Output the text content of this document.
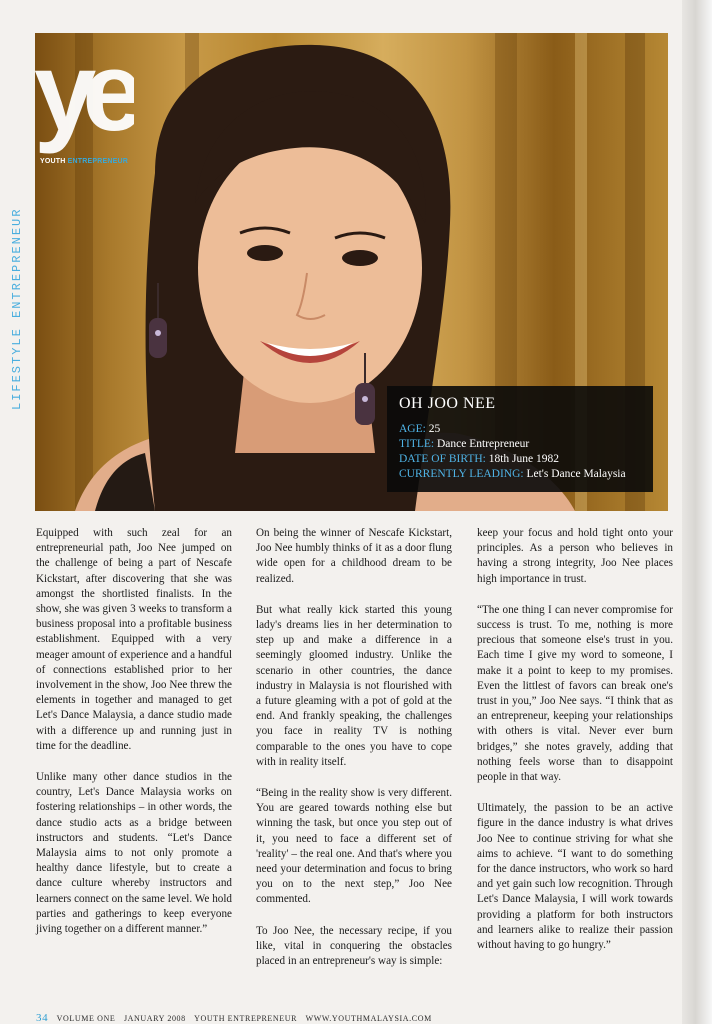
ye
YOUTH ENTREPRENEUR
LIFESTYLE ENTREPRENEUR	OH JOO NEE
AGE: 25
TITLE: Dance Entrepreneur
DATE OF BIRTH: 18th June 1982
CURRENTLY LEADING: Let's Dance Malaysia

Equipped with such zeal for an entrepreneurial path, Joo Nee jumped on the challenge of being a part of Nescafe Kickstart, after discovering that she was amongst the shortlisted finalists. In the show, she was given 3 weeks to transform a business proposal into a profitable business establishment. Equipped with a very meager amount of experience and a handful of connections established prior to her involvement in the show, Joo Nee threw the elements in together and managed to get Let's Dance Malaysia, a dance studio made with a difference up and running just in time for the deadline.

Unlike many other dance studios in the country, Let's Dance Malaysia works on fostering relationships – in other words, the dance studio acts as a bridge between instructors and students. “Let's Dance Malaysia aims to not only promote a healthy dance lifestyle, but to create a dance culture whereby instructors and learners connect on the same level. We hold parties and gatherings to keep everyone jiving together on a different manner.”

On being the winner of Nescafe Kickstart, Joo Nee humbly thinks of it as a door flung wide open for a childhood dream to be realized.

But what really kick started this young lady's dreams lies in her determination to step up and make a difference in a seemingly gloomed industry. Unlike the scenario in other countries, the dance industry in Malaysia is not flourished with a future gleaming with a pot of gold at the end. And frankly speaking, the challenges you face in reality TV is nothing comparable to the ones you have to cope with in reality itself.

“Being in the reality show is very different. You are geared towards nothing else but winning the task, but once you step out of it, you need to face a different set of 'reality' – the real one. And that's where you need your determination and focus to bring you on to the next step,” Joo Nee commented.

To Joo Nee, the necessary recipe, if you like, vital in conquering the obstacles placed in an entrepreneur's way is simple:

keep your focus and hold tight onto your principles. As a person who believes in having a strong integrity, Joo Nee places high importance in trust.

“The one thing I can never compromise for success is trust. To me, nothing is more precious that someone else's trust in you. Each time I give my word to someone, I make it a point to keep to my promises. Even the littlest of favors can break one's trust in you,” Joo Nee says. “I think that as an entrepreneur, keeping your relationships with others is vital. Never ever burn bridges,” she notes gravely, adding that nothing feels worse than to disappoint people in that way.

Ultimately, the passion to be an active figure in the dance industry is what drives Joo Nee to continue striving for what she aims to achieve. “I want to do something for the dance instructors, who work so hard and yet gain such low recognition. Through Let's Dance Malaysia, I will work towards providing a platform for both instructors and learners alike to realize their passion without having to go hungry.”

34 VOLUME ONE JANUARY 2008 YOUTH ENTREPRENEUR WWW.YOUTHMALAYSIA.COM
